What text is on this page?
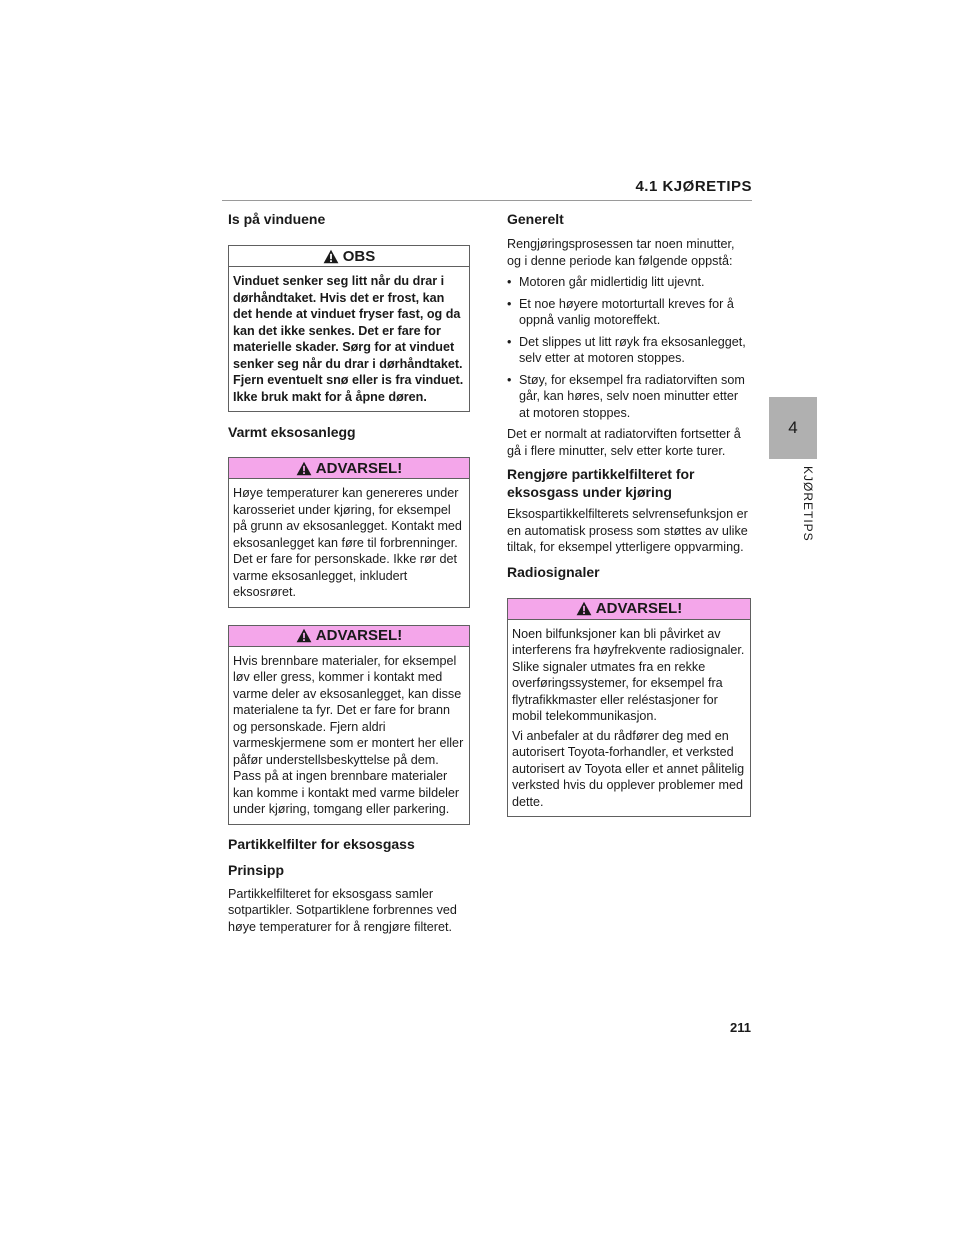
4.1 KJØRETIPS
4
KJØRETIPS
Is på vinduene
OBS

Vinduet senker seg litt når du drar i dørhåndtaket. Hvis det er frost, kan det hende at vinduet fryser fast, og da kan det ikke senkes. Det er fare for materielle skader. Sørg for at vinduet senker seg når du drar i dørhåndtaket. Fjern eventuelt snø eller is fra vinduet. Ikke bruk makt for å åpne døren.

Varmt eksosanlegg
ADVARSEL!

Høye temperaturer kan genereres under karosseriet under kjøring, for eksempel på grunn av eksosanlegget. Kontakt med eksosanlegget kan føre til forbrenninger. Det er fare for personskade. Ikke rør det varme eksosanlegget, inkludert eksosrøret.

ADVARSEL!

Hvis brennbare materialer, for eksempel løv eller gress, kommer i kontakt med varme deler av eksosanlegget, kan disse materialene ta fyr. Det er fare for brann og personskade. Fjern aldri varmeskjermene som er montert her eller påfør understellsbeskyttelse på dem. Pass på at ingen brennbare materialer kan komme i kontakt med varme bildeler under kjøring, tomgang eller parkering.

Partikkelfilter for eksosgass
Prinsipp

Partikkelfilteret for eksosgass samler sotpartikler. Sotpartiklene forbrennes ved høye temperaturer for å rengjøre filteret.

Generelt

Rengjøringsprosessen tar noen minutter, og i denne periode kan følgende oppstå:

• Motoren går midlertidig litt ujevnt.
• Et noe høyere motorturtall kreves for å oppnå vanlig motoreffekt.
• Det slippes ut litt røyk fra eksosanlegget, selv etter at motoren stoppes.
• Støy, for eksempel fra radiatorviften som går, kan høres, selv noen minutter etter at motoren stoppes.

Det er normalt at radiatorviften fortsetter å gå i flere minutter, selv etter korte turer.

Rengjøre partikkelfilteret for eksosgass under kjøring

Eksospartikkelfilterets selvrensefunksjon er en automatisk prosess som støttes av ulike tiltak, for eksempel ytterligere oppvarming.

Radiosignaler
ADVARSEL!

Noen bilfunksjoner kan bli påvirket av interferens fra høyfrekvente radiosignaler. Slike signaler utmates fra en rekke overføringssystemer, for eksempel fra flytrafikkmaster eller reléstasjoner for mobil telekommunikasjon.

Vi anbefaler at du rådfører deg med en autorisert Toyota-forhandler, et verksted autorisert av Toyota eller et annet pålitelig verksted hvis du opplever problemer med dette.

211
